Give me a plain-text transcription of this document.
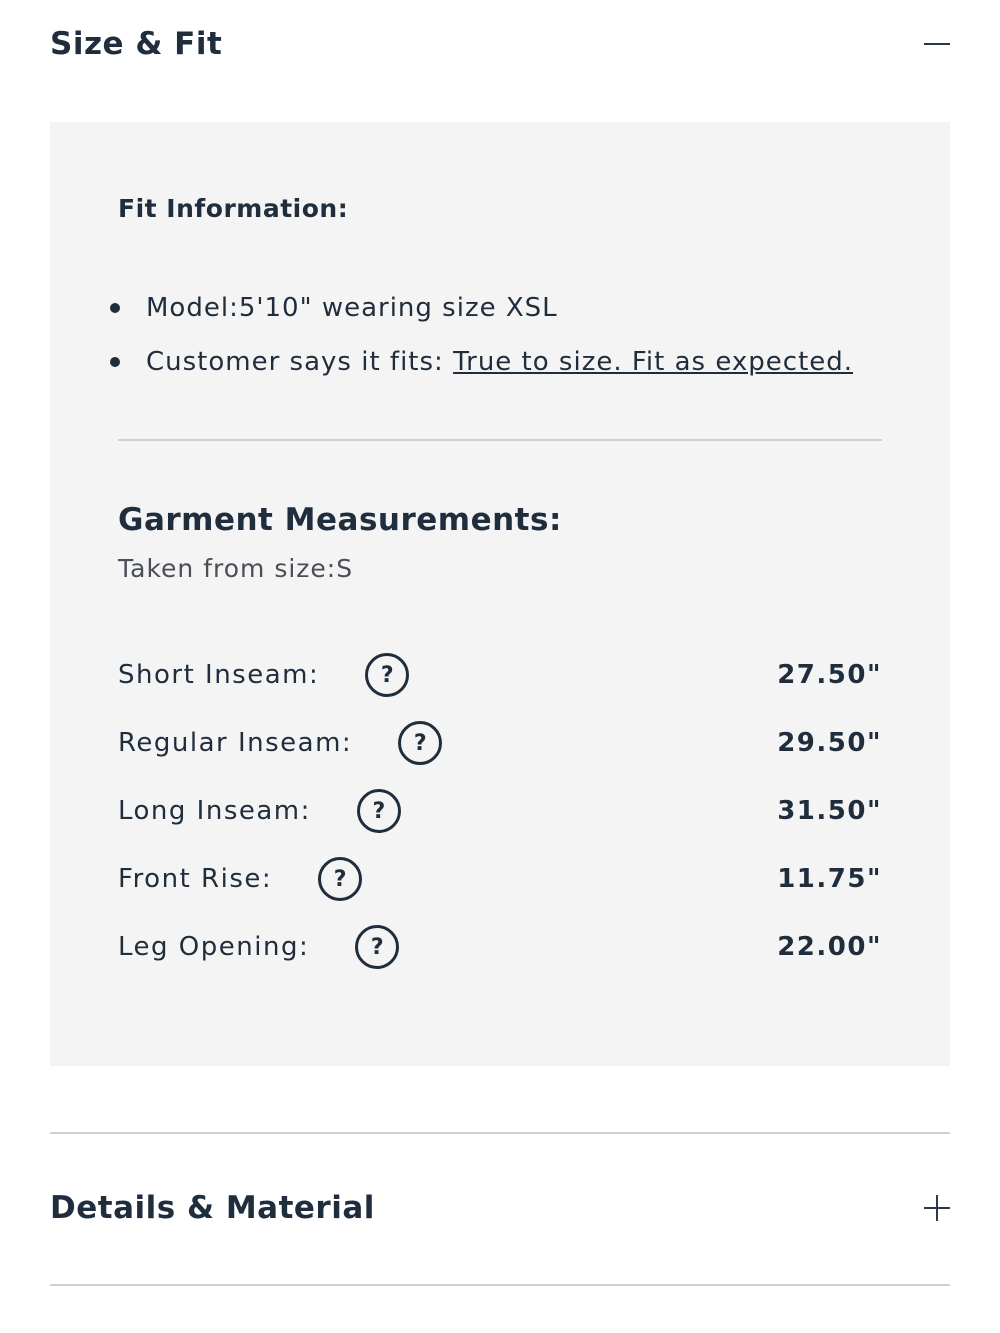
Size & Fit
Fit Information:
Model:5'10" wearing size XSL
Customer says it fits: True to size. Fit as expected.
Garment Measurements:
Taken from size:S
Short Inseam:	?	27.50"
Regular Inseam:	?	29.50"
Long Inseam:	?	31.50"
Front Rise:	?	11.75"
Leg Opening:	?	22.00"
Details & Material
